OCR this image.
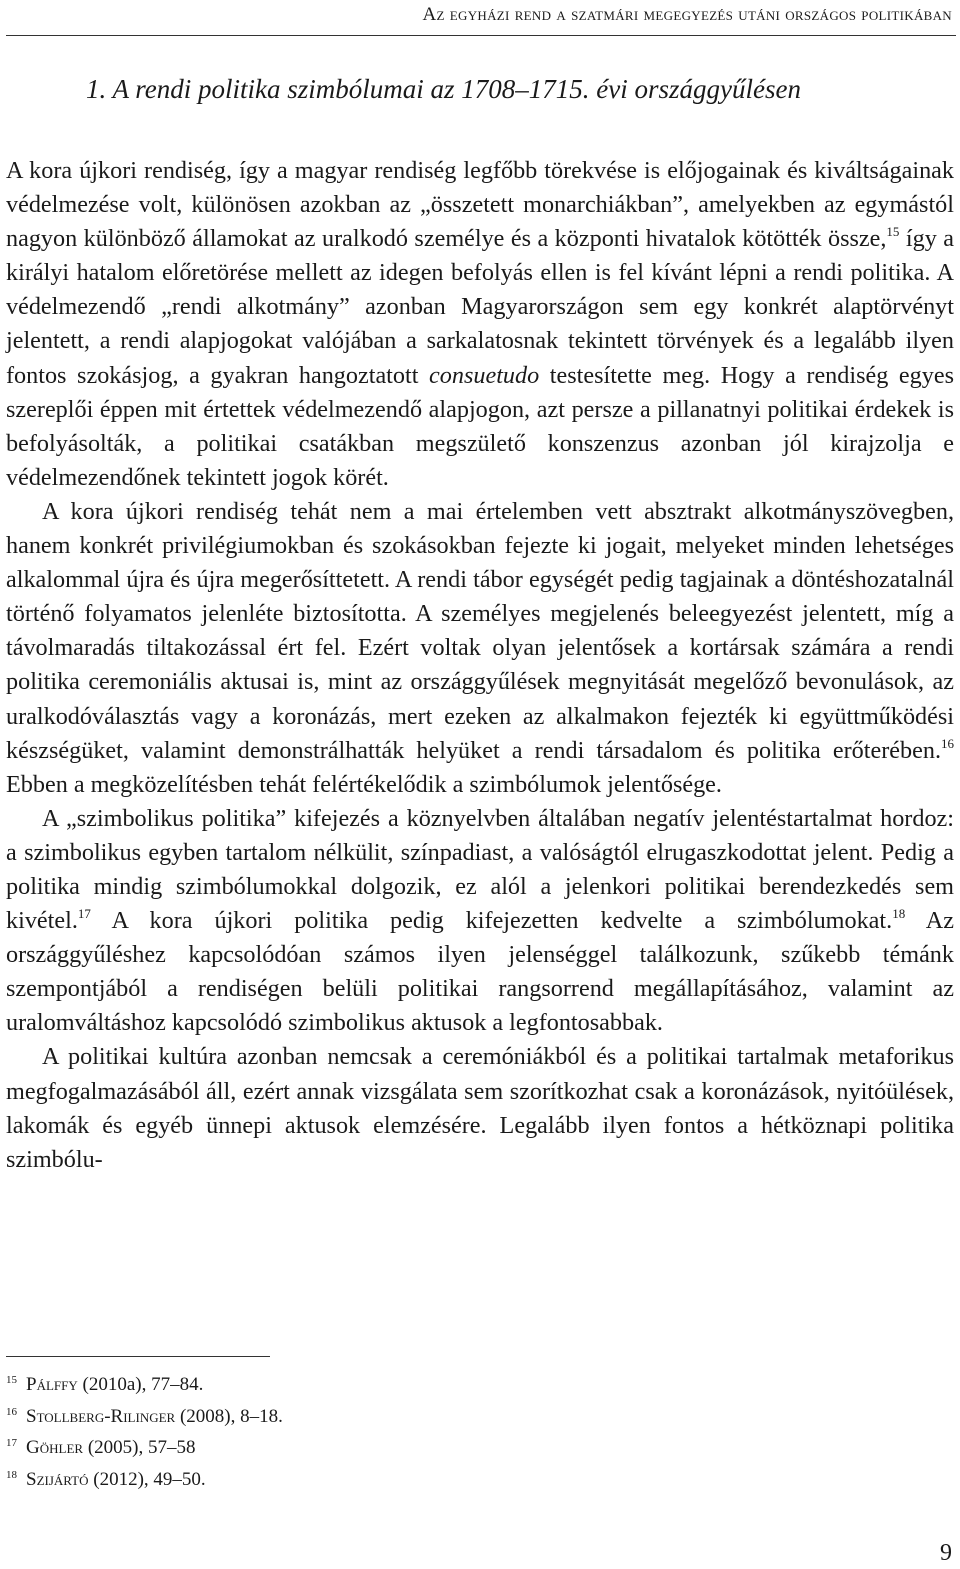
Az egyházi rend a szatmári megegyezés utáni országos politikában
1. A rendi politika szimbólumai az 1708–1715. évi országgyűlésen

A kora újkori rendiség, így a magyar rendiség legfőbb törekvése is előjogainak és kiváltságainak védelmezése volt, különösen azokban az „összetett monarchiákban”, amelyekben az egymástól nagyon különböző államokat az uralkodó személye és a központi hivatalok kötötték össze,$^{15}$ így a királyi hatalom előretörése mellett az idegen befolyás ellen is fel kívánt lépni a rendi politika. A védelmezendő „rendi alkotmány” azonban Magyarországon sem egy konkrét alaptörvényt jelentett, a rendi alapjogokat valójában a sarkalatosnak tekintett törvények és a legalább ilyen fontos szokásjog, a gyakran hangoztatott consuetudo testesítette meg. Hogy a rendiség egyes szereplői éppen mit értettek védelmezendő alapjogon, azt persze a pillanatnyi politikai érdekek is befolyásolták, a politikai csatákban megszülető konszenzus azonban jól kirajzolja e védelmezendőnek tekintett jogok körét.

A kora újkori rendiség tehát nem a mai értelemben vett absztrakt alkotmányszövegben, hanem konkrét privilégiumokban és szokásokban fejezte ki jogait, melyeket minden lehetséges alkalommal újra és újra megerősíttetett. A rendi tábor egységét pedig tagjainak a döntéshozatalnál történő folyamatos jelenléte biztosította. A személyes megjelenés beleegyezést jelentett, míg a távolmaradás tiltakozással ért fel. Ezért voltak olyan jelentősek a kortársak számára a rendi politika ceremoniális aktusai is, mint az országgyűlések megnyitását megelőző bevonulások, az uralkodóválasztás vagy a koronázás, mert ezeken az alkalmakon fejezték ki együttműködési készségüket, valamint demonstrálhatták helyüket a rendi társadalom és politika erőterében.$^{16}$ Ebben a megközelítésben tehát felértékelődik a szimbólumok jelentősége.

A „szimbolikus politika” kifejezés a köznyelvben általában negatív jelentéstartalmat hordoz: a szimbolikus egyben tartalom nélkülit, színpadiast, a valóságtól elrugaszkodottat jelent. Pedig a politika mindig szimbólumokkal dolgozik, ez alól a jelenkori politikai berendezkedés sem kivétel.$^{17}$ A kora újkori politika pedig kifejezetten kedvelte a szimbólumokat.$^{18}$ Az országgyűléshez kapcsolódóan számos ilyen jelenséggel találkozunk, szűkebb témánk szempontjából a rendiségen belüli politikai rangsorrend megállapításához, valamint az uralomváltáshoz kapcsolódó szimbolikus aktusok a legfontosabbak.

A politikai kultúra azonban nemcsak a ceremóniákból és a politikai tartalmak metaforikus megfogalmazásából áll, ezért annak vizsgálata sem szorítkozhat csak a koronázások, nyitóülések, lakomák és egyéb ünnepi aktusok elemzésére. Legalább ilyen fontos a hétköznapi politika szimbólu-

$^{15}$ Pálffy (2010a), 77–84.
$^{16}$ Stollberg-Rilinger (2008), 8–18.
$^{17}$ Göhler (2005), 57–58
$^{18}$ Szijártó (2012), 49–50.
9
